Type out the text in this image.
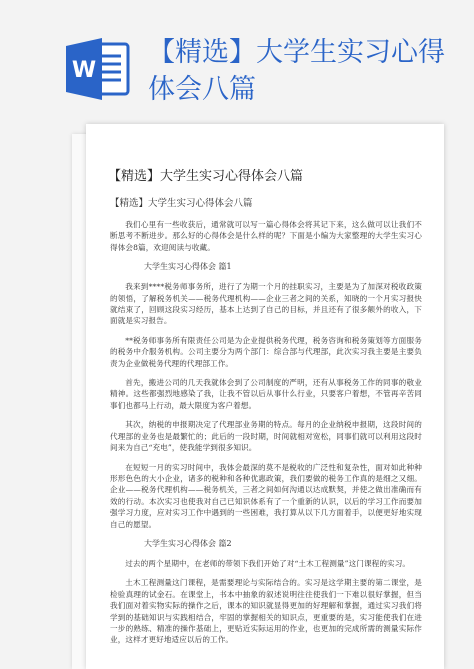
W
【精选】大学生实习心得体会八篇
【精选】大学生实习心得体会八篇
【精选】大学生实习心得体会八篇

我们心里有一些收获后，通常就可以写一篇心得体会将其记下来，这么做可以让我们不断思考不断进步。那么好的心得体会是什么样的呢？下面是小编为大家整理的大学生实习心得体会8篇，欢迎阅读与收藏。

大学生实习心得体会 篇1

我来到****税务师事务所，进行了为期一个月的挂职实习，主要是为了加深对税收政策的领悟，了解税务机关——税务代理机构——企业三者之间的关系，知晓的一个月实习报快就结束了，回顾这段实习经历，基本上达到了自己的目标，并且还有了很多额外的收入，下面就是实习报告。

**税务师事务所有限责任公司是为企业提供税务代理，税务咨询和税务策划等方面服务的税务中介服务机构。公司主要分为两个部门：综合部与代理部，此次实习我主要是主要负责为企业做税务代理的代理部工作。

首先，搬进公司的几天我就体会到了公司制度的严明，还有从事税务工作的同事的敬业精神。这些都强烈地感染了我，让我不管以后从事什么行业，只要客户着想，不管再辛苦同事们也都马上行动，最大限度为客户着想。

其次，纳税的申报期决定了代理部业务期的特点。每月的企业纳税申报期，这段时间的代理部的业务也是最繁忙的；此后的一段时期，时间就相对宽松，同事们就可以利用这段时间来为自己“充电”，使我能学到很多知识。

在短短一月的实习时间中，我体会最深的莫不是税收的广泛性和复杂性，面对如此种种形形色色的大小企业，诸多的税种和各种优惠政策，我们要做的税务工作真的是细之又细。企业——税务代理机构——税务机关，三者之间如何沟通以达成默契，并使之做出准确而有效的行动。本次实习也使我对自己已知识体系有了一个重新的认识，以后的学习工作而要加强学习力度，应对实习工作中遇到的一些困难，我打算从以下几方面着手，以便更好地实现自己的愿望。

大学生实习心得体会 篇2

过去的两个星期中，在老师的带领下我们开始了对“土木工程测量”这门课程的实习。

土木工程测量这门课程，是需要理论与实际结合的。实习是这学期主要的第二课堂，是检验真理的试金石。在课堂上，书本中抽象的叙述说明往往使我们一下难以很好掌握，但当我们面对着实物实际的操作之后，课本的知识就显得更加的好理解和掌握，通过实习我们将学到的基础知识与实践相结合，牢固的掌握相关的知识点，更重要的是，实习能使我们在进一步的熟练、精准的操作基础上，更贴近实际运用的作业，也更加的完成所需的测量实际作业，这样才更好地适应以后的工作。
